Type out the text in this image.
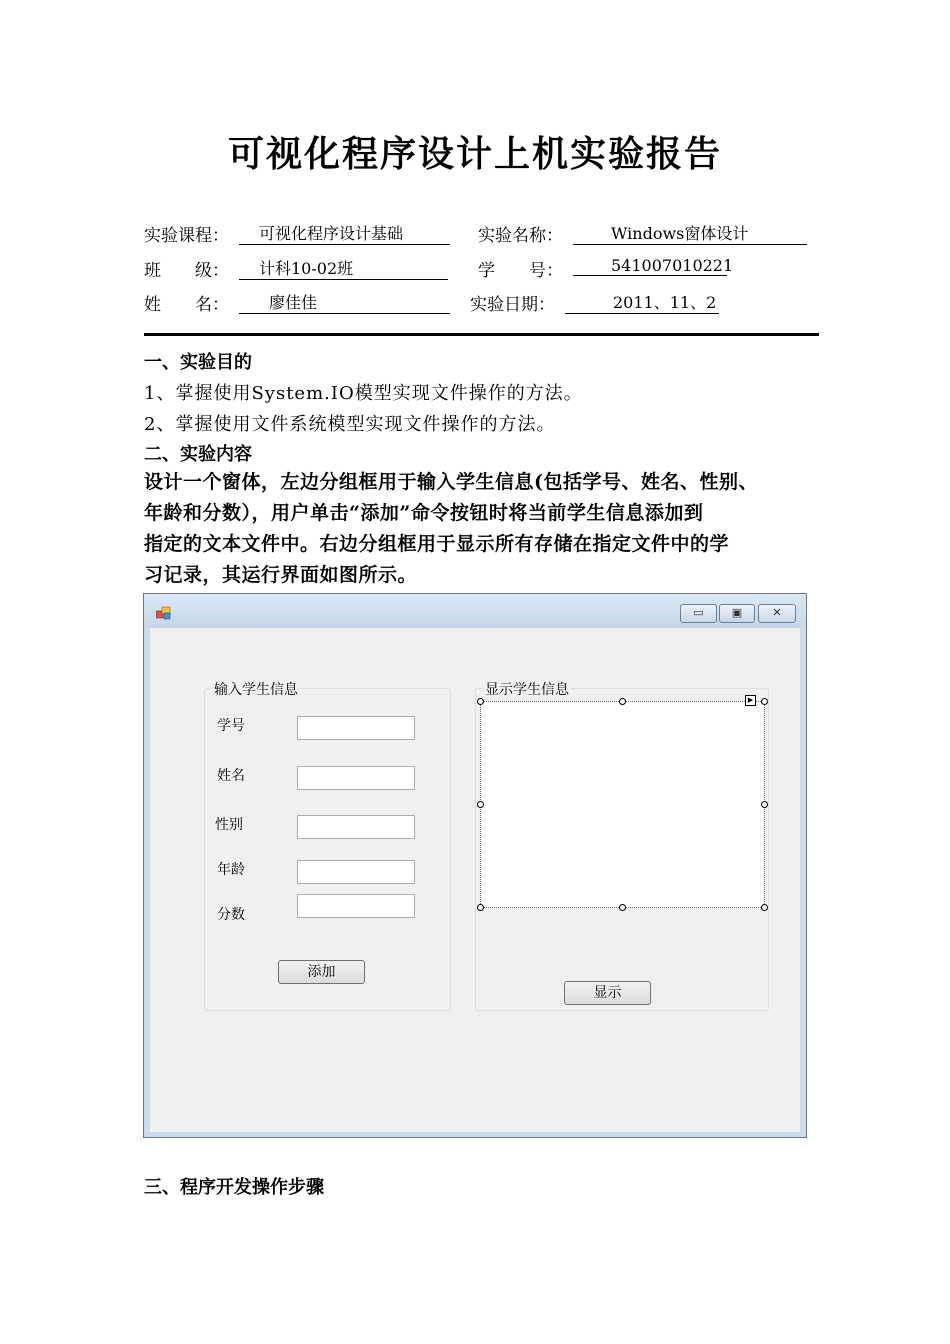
可视化程序设计上机实验报告
实验课程：	可视化程序设计基础	实验名称：	Windows窗体设计
班　　级：	计科10-02班	学　　号：	541007010221
姓　　名：	廖佳佳	实验日期：	2011、11、2
一、实验目的
1、掌握使用System.IO模型实现文件操作的方法。
2、掌握使用文件系统模型实现文件操作的方法。
二、实验内容
设计一个窗体，左边分组框用于输入学生信息(包括学号、姓名、性别、
年龄和分数），用户单击“添加”命令按钮时将当前学生信息添加到
指定的文本文件中。右边分组框用于显示所有存储在指定文件中的学
习记录，其运行界面如图所示。
▭	▣	✕
输入学生信息
学号
姓名
性别
年龄
分数
添加
显示学生信息
▶
显示
三、程序开发操作步骤
